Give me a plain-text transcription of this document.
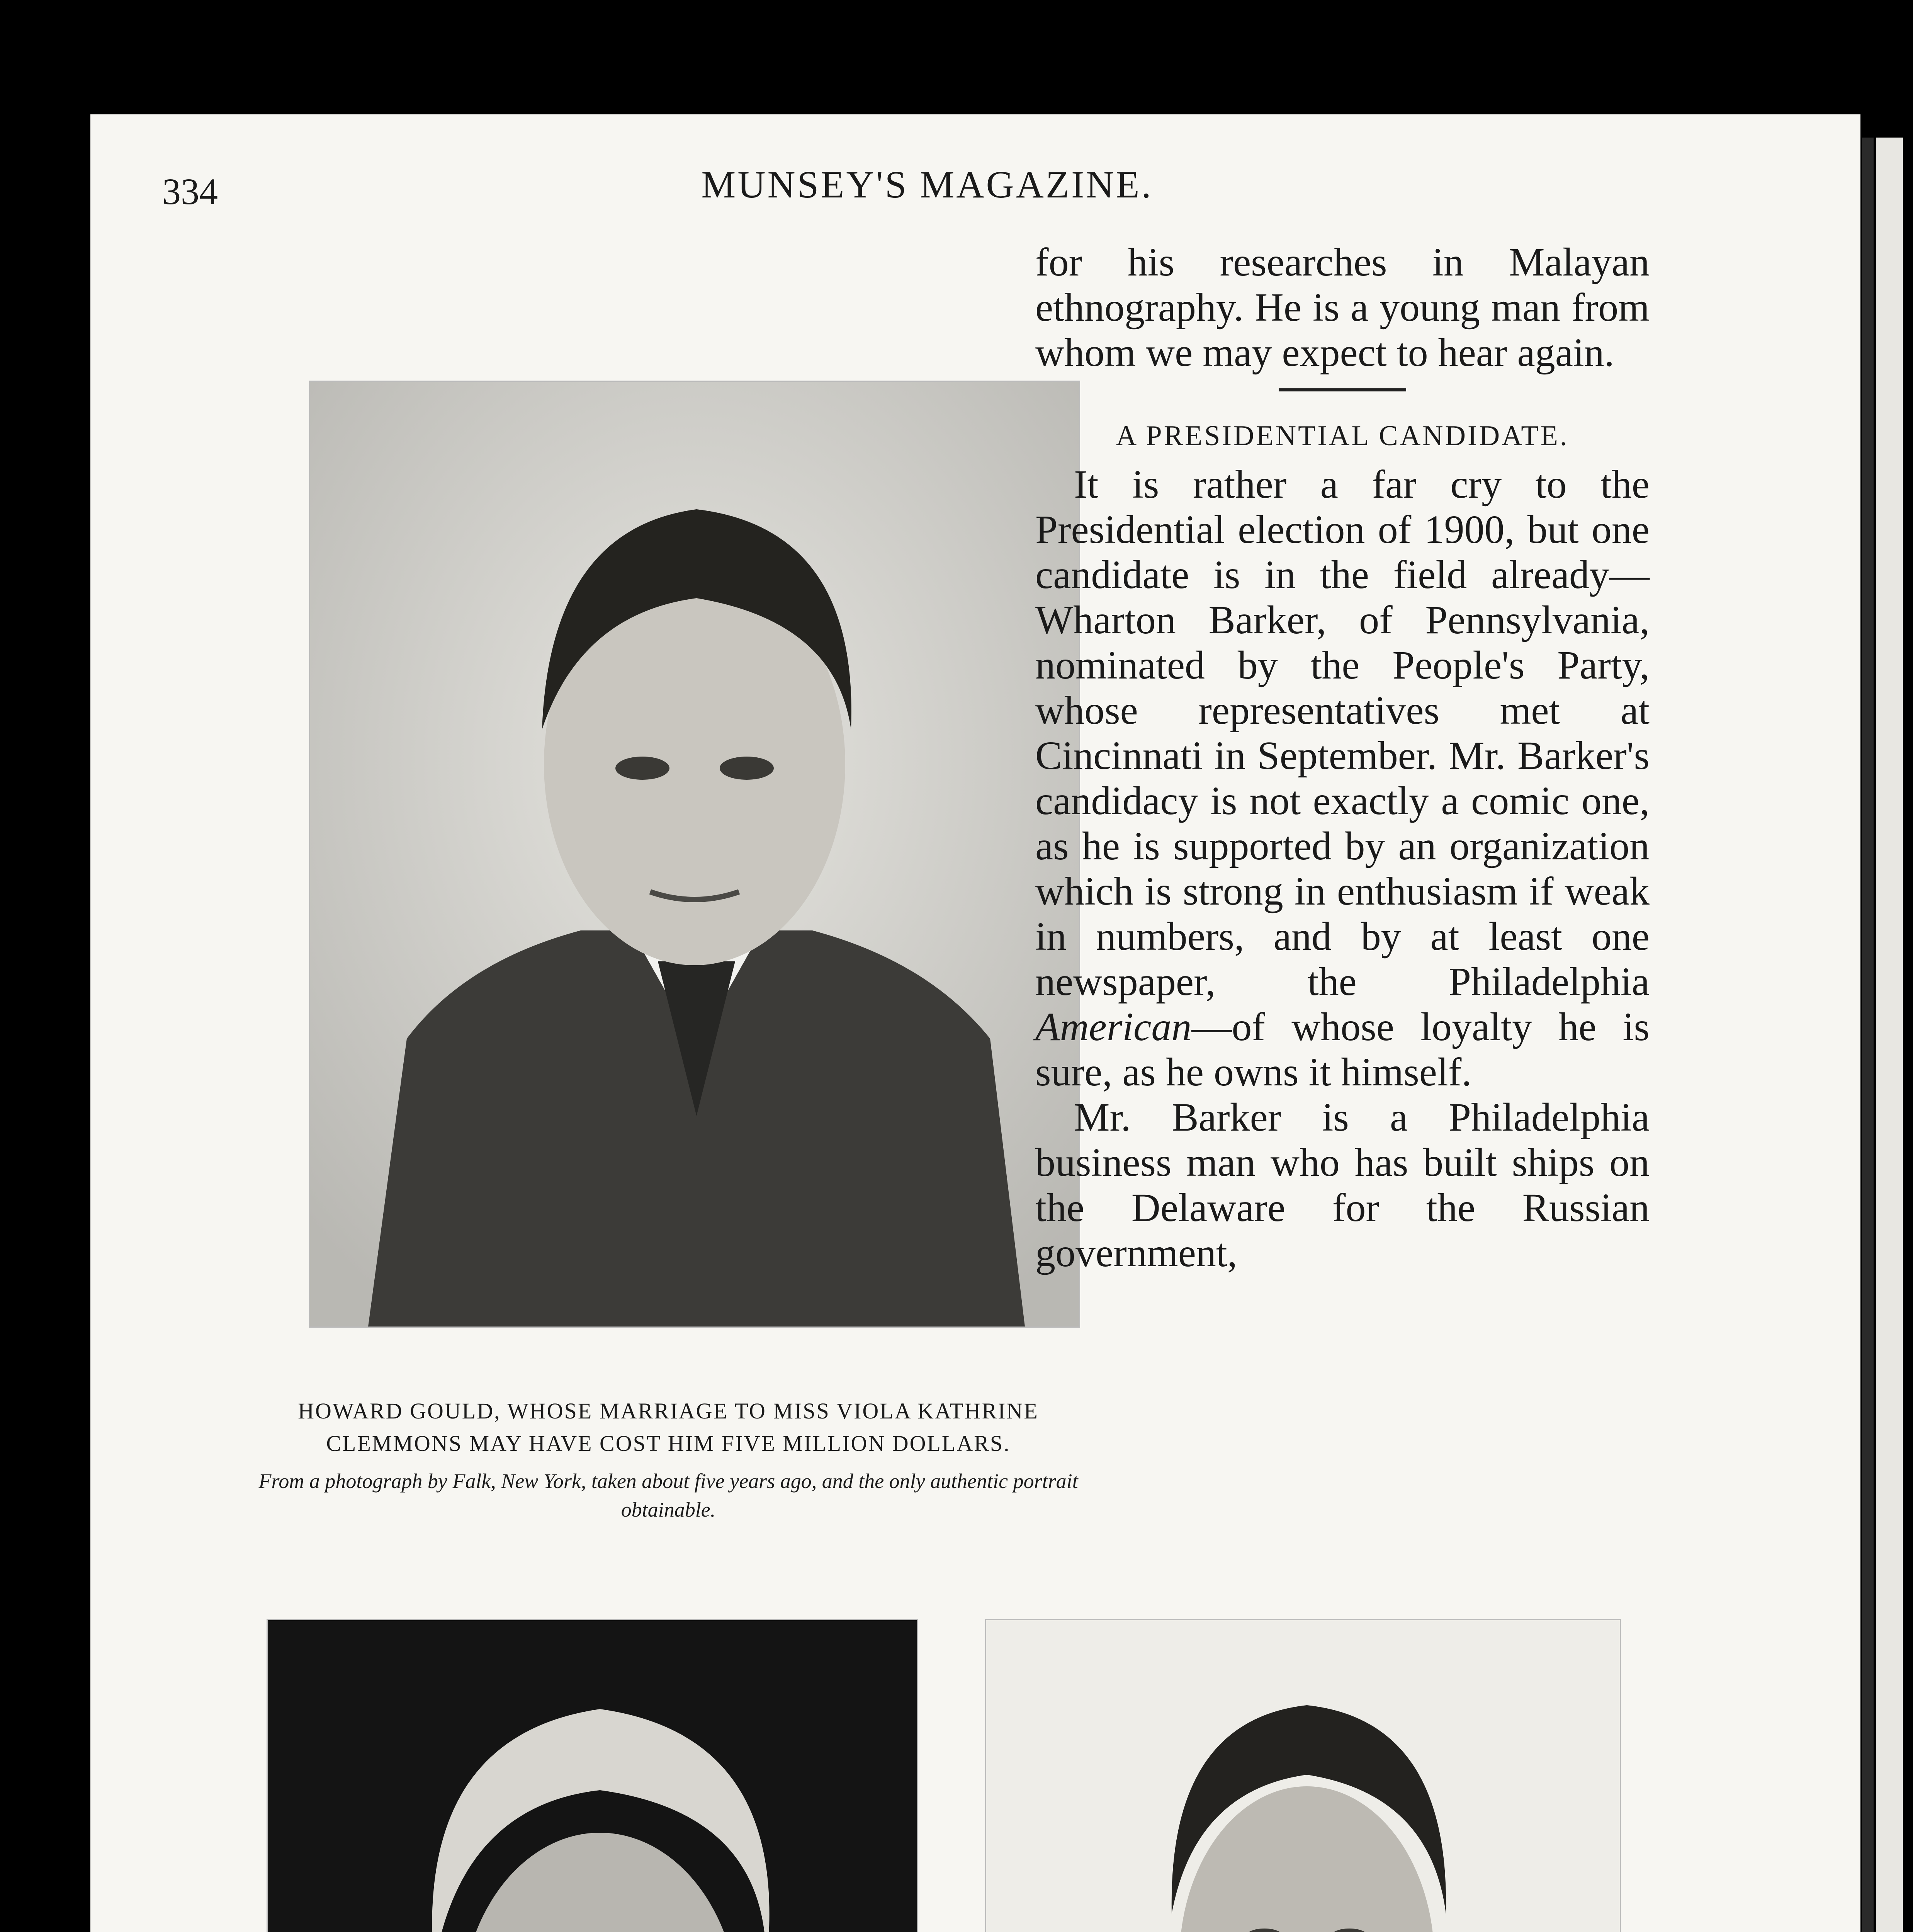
334	MUNSEY'S MAGAZINE.

HOWARD GOULD, WHOSE MARRIAGE TO MISS VIOLA KATHRINE CLEMMONS MAY HAVE COST HIM FIVE MILLION DOLLARS.

From a photograph by Falk, New York, taken about five years ago, and the only authentic portrait obtainable.

for his researches in Malayan ethnography. He is a young man from whom we may expect to hear again.

A PRESIDENTIAL CANDIDATE.

It is rather a far cry to the Presidential election of 1900, but one candidate is in the field already—Wharton Barker, of Pennsylvania, nominated by the People's Party, whose representatives met at Cincinnati in September. Mr. Barker's candidacy is not exactly a comic one, as he is supported by an organization which is strong in enthusiasm if weak in numbers, and by at least one newspaper, the Philadelphia American—of whose loyalty he is sure, as he owns it himself.

Mr. Barker is a Philadelphia business man who has built ships on the Delaware for the Russian government,
